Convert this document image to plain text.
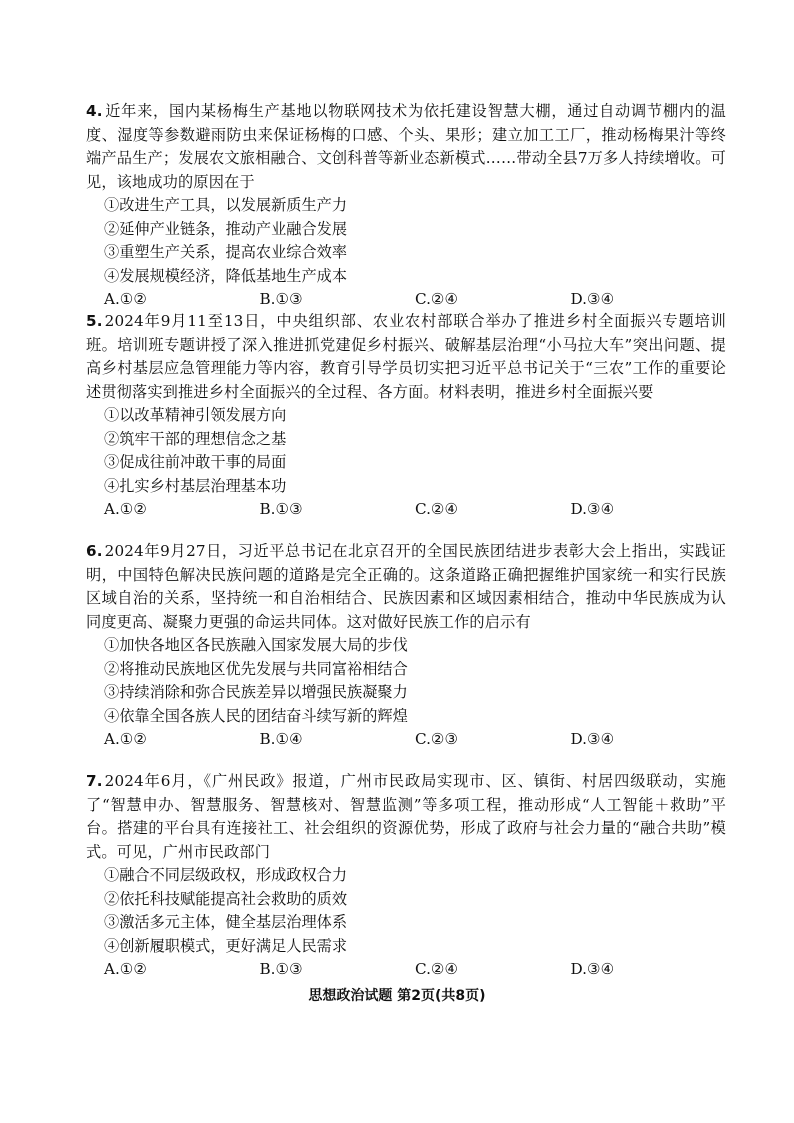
4. 近年来，国内某杨梅生产基地以物联网技术为依托建设智慧大棚，通过自动调节棚内的温度、湿度等参数避雨防虫来保证杨梅的口感、个头、果形；建立加工工厂，推动杨梅果汁等终端产品生产；发展农文旅相融合、文创科普等新业态新模式……带动全县7万多人持续增收。可见，该地成功的原因在于

①改进生产工具，以发展新质生产力

②延伸产业链条，推动产业融合发展

③重塑生产关系，提高农业综合效率

④发展规模经济，降低基地生产成本

A.①②	B.①③	C.②④	D.③④

5. 2024年9月11至13日，中央组织部、农业农村部联合举办了推进乡村全面振兴专题培训班。培训班专题讲授了深入推进抓党建促乡村振兴、破解基层治理“小马拉大车”突出问题、提高乡村基层应急管理能力等内容，教育引导学员切实把习近平总书记关于“三农”工作的重要论述贯彻落实到推进乡村全面振兴的全过程、各方面。材料表明，推进乡村全面振兴要

①以改革精神引领发展方向

②筑牢干部的理想信念之基

③促成往前冲敢干事的局面

④扎实乡村基层治理基本功

A.①②	B.①③	C.②④	D.③④

6. 2024年9月27日，习近平总书记在北京召开的全国民族团结进步表彰大会上指出，实践证明，中国特色解决民族问题的道路是完全正确的。这条道路正确把握维护国家统一和实行民族区域自治的关系，坚持统一和自治相结合、民族因素和区域因素相结合，推动中华民族成为认同度更高、凝聚力更强的命运共同体。这对做好民族工作的启示有

①加快各地区各民族融入国家发展大局的步伐

②将推动民族地区优先发展与共同富裕相结合

③持续消除和弥合民族差异以增强民族凝聚力

④依靠全国各族人民的团结奋斗续写新的辉煌

A.①②	B.①④	C.②③	D.③④

7. 2024年6月，《广州民政》报道，广州市民政局实现市、区、镇街、村居四级联动，实施了“智慧申办、智慧服务、智慧核对、智慧监测”等多项工程，推动形成“人工智能＋救助”平台。搭建的平台具有连接社工、社会组织的资源优势，形成了政府与社会力量的“融合共助”模式。可见，广州市民政部门

①融合不同层级政权，形成政权合力

②依托科技赋能提高社会救助的质效

③激活多元主体，健全基层治理体系

④创新履职模式，更好满足人民需求

A.①②	B.①③	C.②④	D.③④
思想政治试题 第2页(共8页)
